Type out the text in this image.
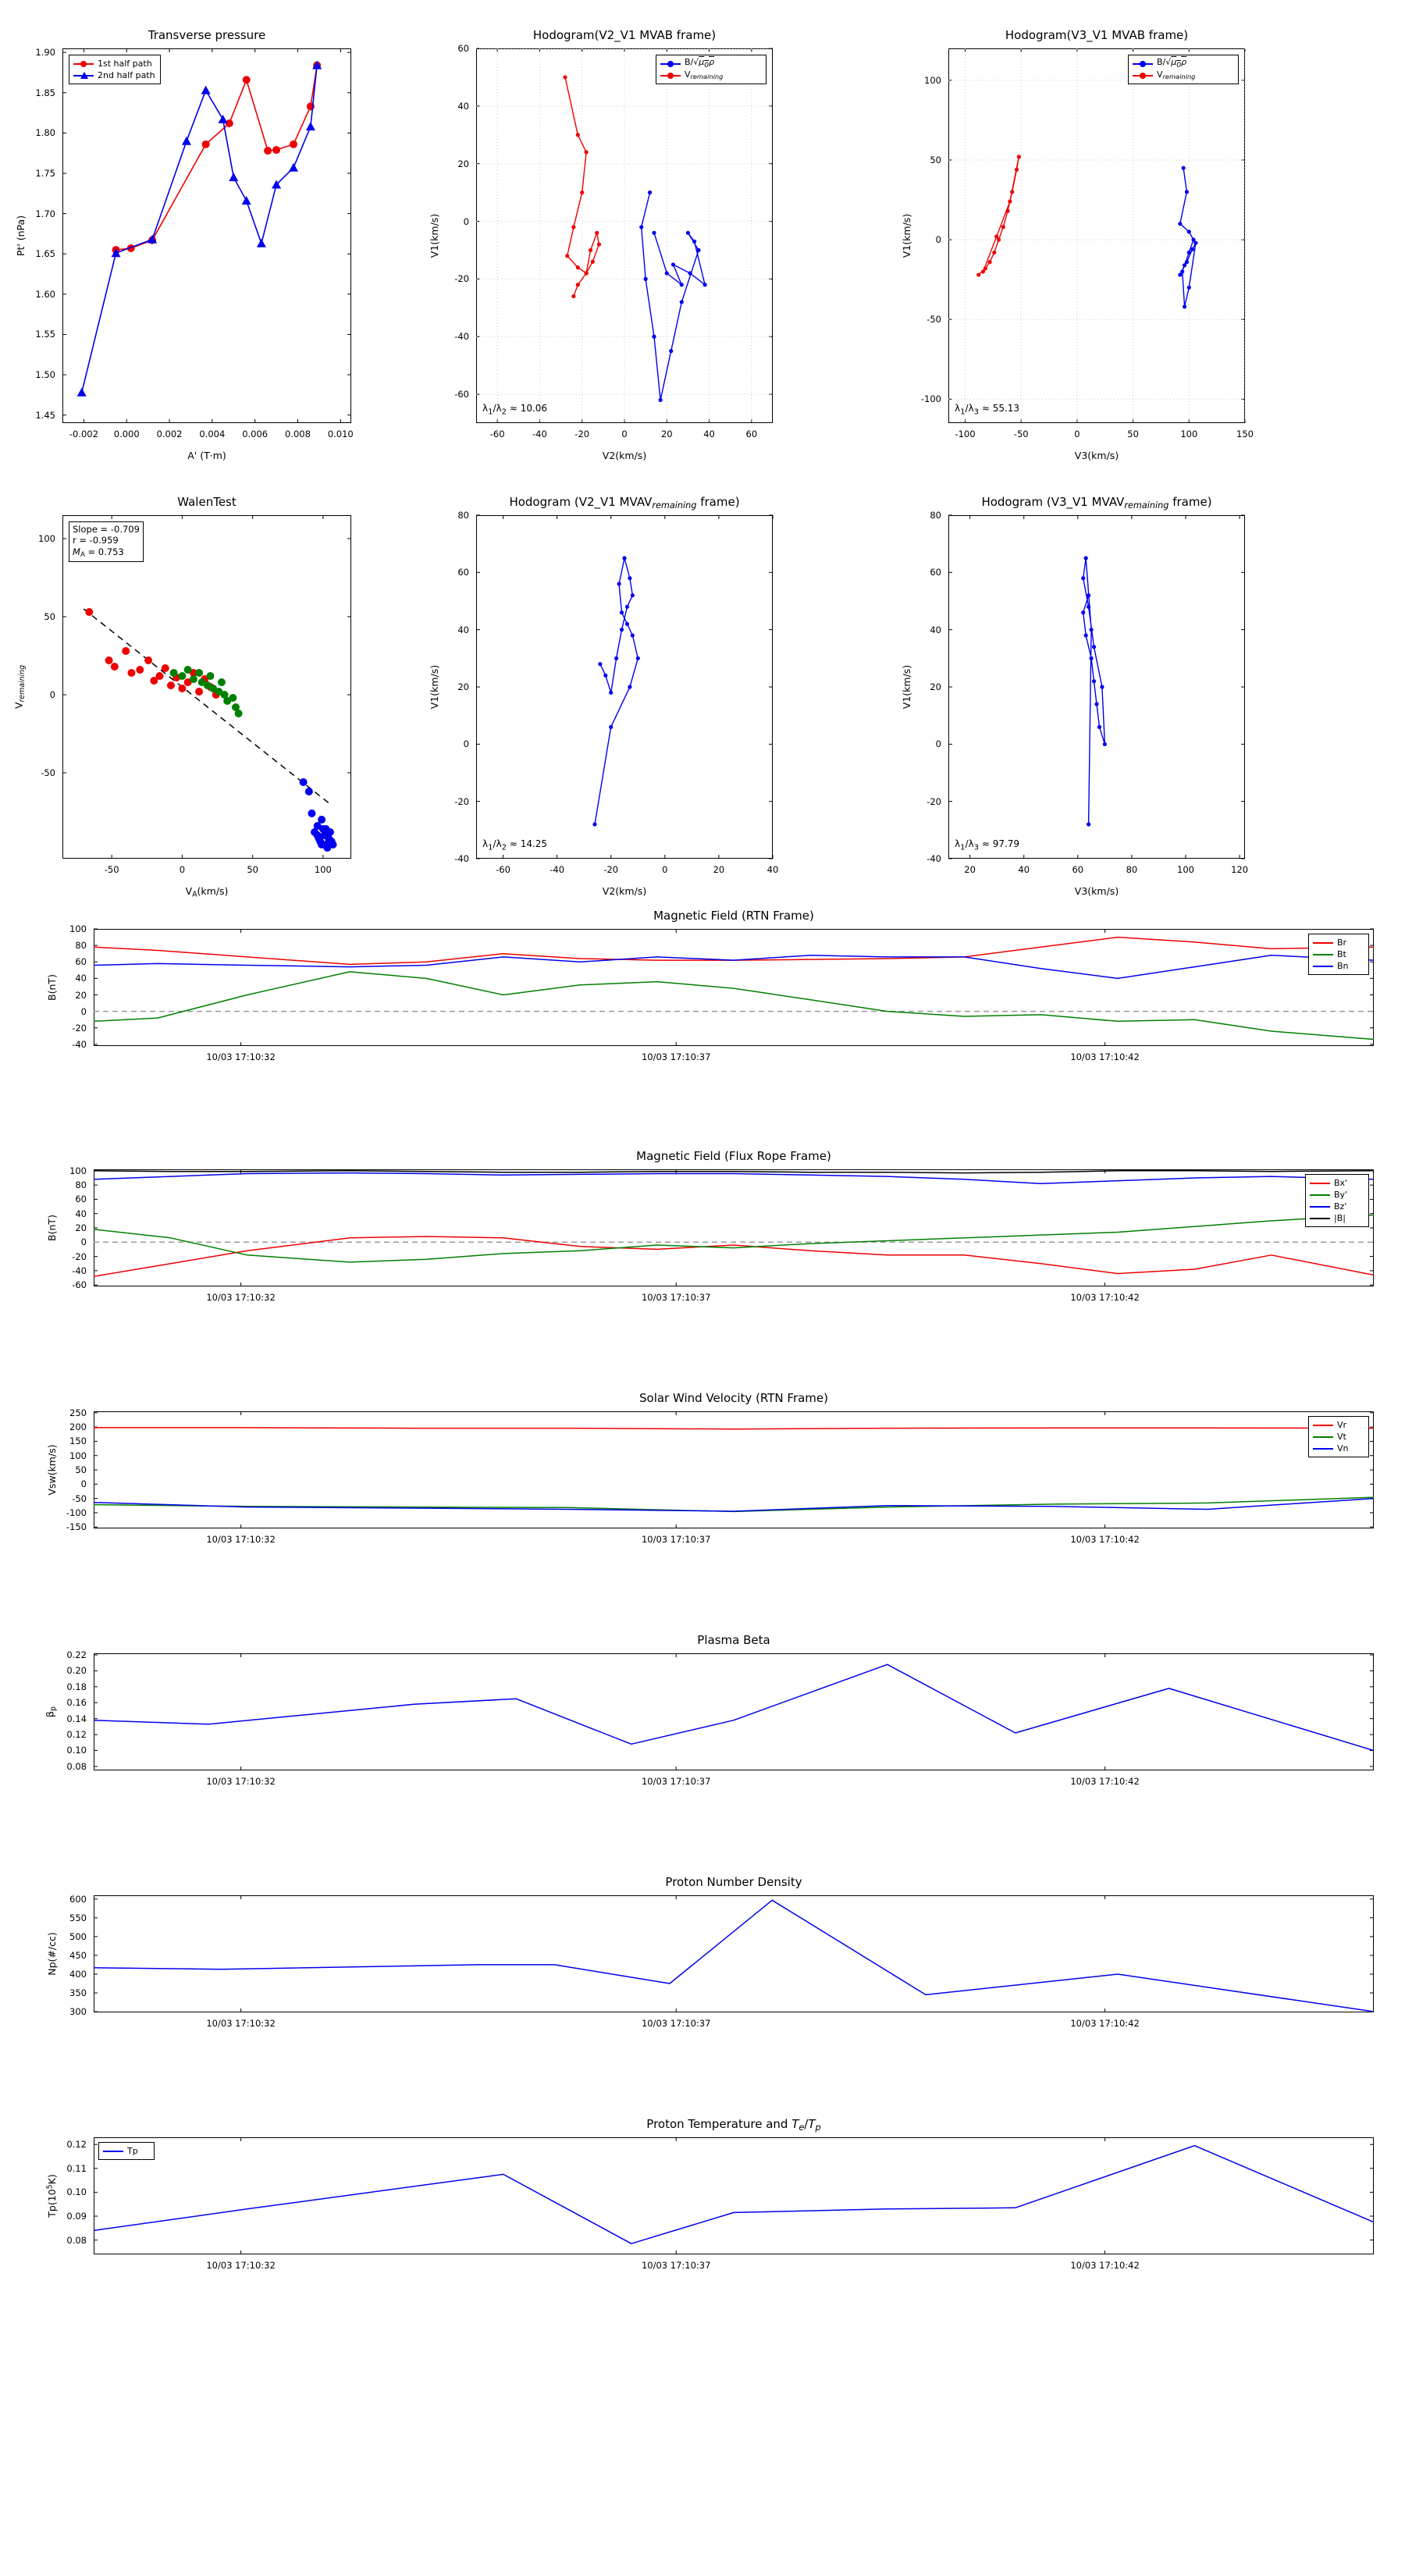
Transverse pressure
A' (T·m)
Pt' (nPa)
-0.002 0.000 0.002 0.004 0.006 0.008 0.010
1.45
1.50
1.55
1.60
1.65
1.70
1.75
1.80
1.85
1.90
1st half path
2nd half path
Hodogram(V2_V1 MVAB frame)
V2(km/s)
V1(km/s)
-60	-40	-20	0	20	40	60
-60
-40
-20
0
20
40
60
$B/√\mu_0\rho$
$V_{remaining}$
$\lambda_1/\lambda_2 \approx 10.06$
Hodogram(V3_V1 MVAB frame)
V3(km/s)
V1(km/s)
-100	-50	0	50	100	150
-100
-50
0
50
100
$B/√\mu_0\rho$
$V_{remaining}$
$\lambda_1/\lambda_3 \approx 55.13$
WalenTest
$V_A(km/s)$
$V_{remaining}$
-50	0	50	100
-50
0
50
100
Slope = -0.709
r = -0.959
$M_A = 0.753$
Hodogram (V2_V1 $MVAV_{remaining}$ frame)
V2(km/s)
V1(km/s)
-60	-40	-20	0	20	40
-40
-20
0
20
40
60
80
$\lambda_1/\lambda_2 \approx 14.25$
Hodogram (V3_V1 $MVAV_{remaining}$ frame)
V3(km/s)
V1(km/s)
20	40	60	80	100	120
-40
-20
0
20
40
60
80
$\lambda_1/\lambda_3 \approx 97.79$
Magnetic Field (RTN Frame)
B(nT)
10/03 17:10:32	10/03 17:10:37	10/03 17:10:42
-40
-20
0
20
40
60
80
100
Br
Bt
Bn
Magnetic Field (Flux Rope Frame)
B(nT)
10/03 17:10:32	10/03 17:10:37	10/03 17:10:42
-60
-40
-20
0
20
40
60
80
100
Bx'
By'
Bz'
|B|
Solar Wind Velocity (RTN Frame)
Vsw(km/s)
10/03 17:10:32	10/03 17:10:37	10/03 17:10:42
-150
-100
-50
0
50
100
150
200
250
Vr
Vt
Vn
Plasma Beta
$\beta_p$
10/03 17:10:32	10/03 17:10:37	10/03 17:10:42
0.08
0.10
0.12
0.14
0.16
0.18
0.20
0.22
Proton Number Density
Np(#/cc)
10/03 17:10:32	10/03 17:10:37	10/03 17:10:42
300
350
400
450
500
550
600
Proton Temperature and $T_e/T_p$
$Tp(10^5K)$
10/03 17:10:32	10/03 17:10:37	10/03 17:10:42
0.08
0.09
0.10
0.11
0.12
Tp
